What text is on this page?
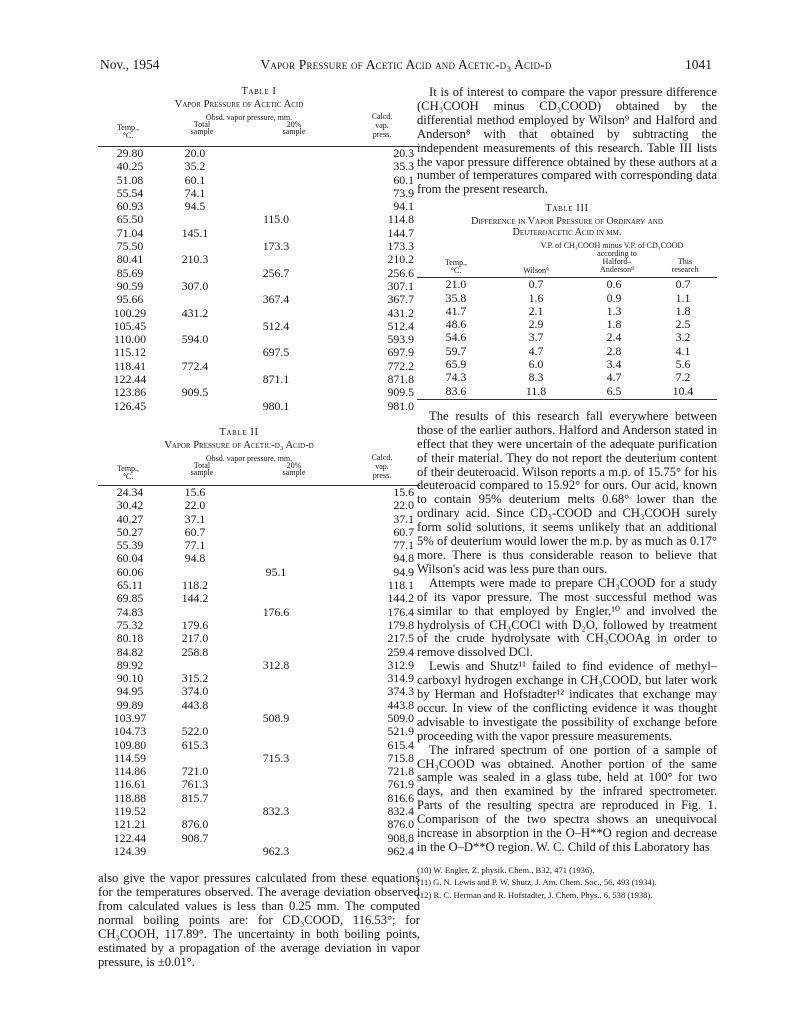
Nov., 1954	Vapor Pressure of Acetic Acid and Acetic-d₃ Acid-d	1041
Table I
Vapor Pressure of Acetic Acid
Obsd. vapor pressure, mm.
Temp.,
°C.
Total
sample
20%
sample
Calcd.
vap.
press.
29.80	20.0		20.3
40.25	35.2		35.3
51.08	60.1		60.1
55.54	74.1		73.9
60.93	94.5		94.1
65.50		115.0	114.8
71.04	145.1		144.7
75.50		173.3	173.3
80.41	210.3		210.2
85.69		256.7	256.6
90.59	307.0		307.1
95.66		367.4	367.7
100.29	431.2		431.2
105.45		512.4	512.4
110.00	594.0		593.9
115.12		697.5	697.9
118.41	772.4		772.2
122.44		871.1	871.8
123.86	909.5		909.5
126.45		980.1	981.0
Table II
Vapor Pressure of Acetic-d₃ Acid-d
Obsd. vapor pressure, mm.
Temp.,
°C.
Total
sample
20%
sample
Calcd.
vap.
press.
24.34	15.6		15.6
30.42	22.0		22.0
40.27	37.1		37.1
50.27	60.7		60.7
55.39	77.1		77.1
60.04	94.8		94.8
60.06		95.1	94.9
65.11	118.2		118.1
69.85	144.2		144.2
74.83		176.6	176.4
75.32	179.6		179.8
80.18	217.0		217.5
84.82	258.8		259.4
89.92		312.8	312.9
90.10	315.2		314.9
94.95	374.0		374.3
99.89	443.8		443.8
103.97		508.9	509.0
104.73	522.0		521.9
109.80	615.3		615.4
114.59		715.3	715.8
114.86	721.0		721.8
116.61	761.3		761.9
118.88	815.7		816.6
119.52		832.3	832.4
121.21	876.0		876.0
122.44	908.7		908.8
124.39		962.3	962.4

also give the vapor pressures calculated from these equations for the temperatures observed. The average deviation observed from calculated values is less than 0.25 mm. The computed normal boiling points are: for CD₃COOD, 116.53°; for CH₃COOH, 117.89°. The uncertainty in both boiling points, estimated by a propagation of the average deviation in vapor pressure, is ±0.01°.

It is of interest to compare the vapor pressure difference (CH₃COOH minus CD₃COOD) obtained by the differential method employed by Wilson⁹ and Halford and Anderson⁸ with that obtained by subtracting the independent measurements of this research. Table III lists the vapor pressure difference obtained by these authors at a number of temperatures compared with corresponding data from the present research.

Table III
Difference in Vapor Pressure of Ordinary and
Deuteroacetic Acid in mm.
V.P. of CH₃COOH minus V.P. of CD₃COOD
according to
Temp.,
°C.	Wilson⁹
Halford–
Anderson⁸
This
research
21.0	0.7	0.6	0.7
35.8	1.6	0.9	1.1
41.7	2.1	1.3	1.8
48.6	2.9	1.8	2.5
54.6	3.7	2.4	3.2
59.7	4.7	2.8	4.1
65.9	6.0	3.4	5.6
74.3	8.3	4.7	7.2
83.6	11.8	6.5	10.4

The results of this research fall everywhere between those of the earlier authors. Halford and Anderson stated in effect that they were uncertain of the adequate purification of their material. They do not report the deuterium content of their deuteroacid. Wilson reports a m.p. of 15.75° for his deuteroacid compared to 15.92° for ours. Our acid, known to contain 95% deuterium melts 0.68° lower than the ordinary acid. Since CD₃-COOD and CH₃COOH surely form solid solutions, it seems unlikely that an additional 5% of deuterium would lower the m.p. by as much as 0.17° more. There is thus considerable reason to believe that Wilson's acid was less pure than ours.

Attempts were made to prepare CH₃COOD for a study of its vapor pressure. The most successful method was similar to that employed by Engler,¹⁰ and involved the hydrolysis of CH₃COCl with D₂O, followed by treatment of the crude hydrolysate with CH₃COOAg in order to remove dissolved DCl.

Lewis and Shutz¹¹ failed to find evidence of methyl–carboxyl hydrogen exchange in CH₃COOD, but later work by Herman and Hofstadter¹² indicates that exchange may occur. In view of the conflicting evidence it was thought advisable to investigate the possibility of exchange before proceeding with the vapor pressure measurements.

The infrared spectrum of one portion of a sample of CH₃COOD was obtained. Another portion of the same sample was sealed in a glass tube, held at 100° for two days, and then examined by the infrared spectrometer. Parts of the resulting spectra are reproduced in Fig. 1. Comparison of the two spectra shows an unequivocal increase in absorption in the O–H**O region and decrease in the O–D**O region. W. C. Child of this Laboratory has

(10) W. Engler, Z. physik. Chem., B32, 471 (1936).
(11) G. N. Lewis and P. W. Shutz, J. Am. Chem. Soc., 56, 493 (1934).
(12) R. C. Herman and R. Hofstadter, J. Chem. Phys., 6, 538 (1938).
